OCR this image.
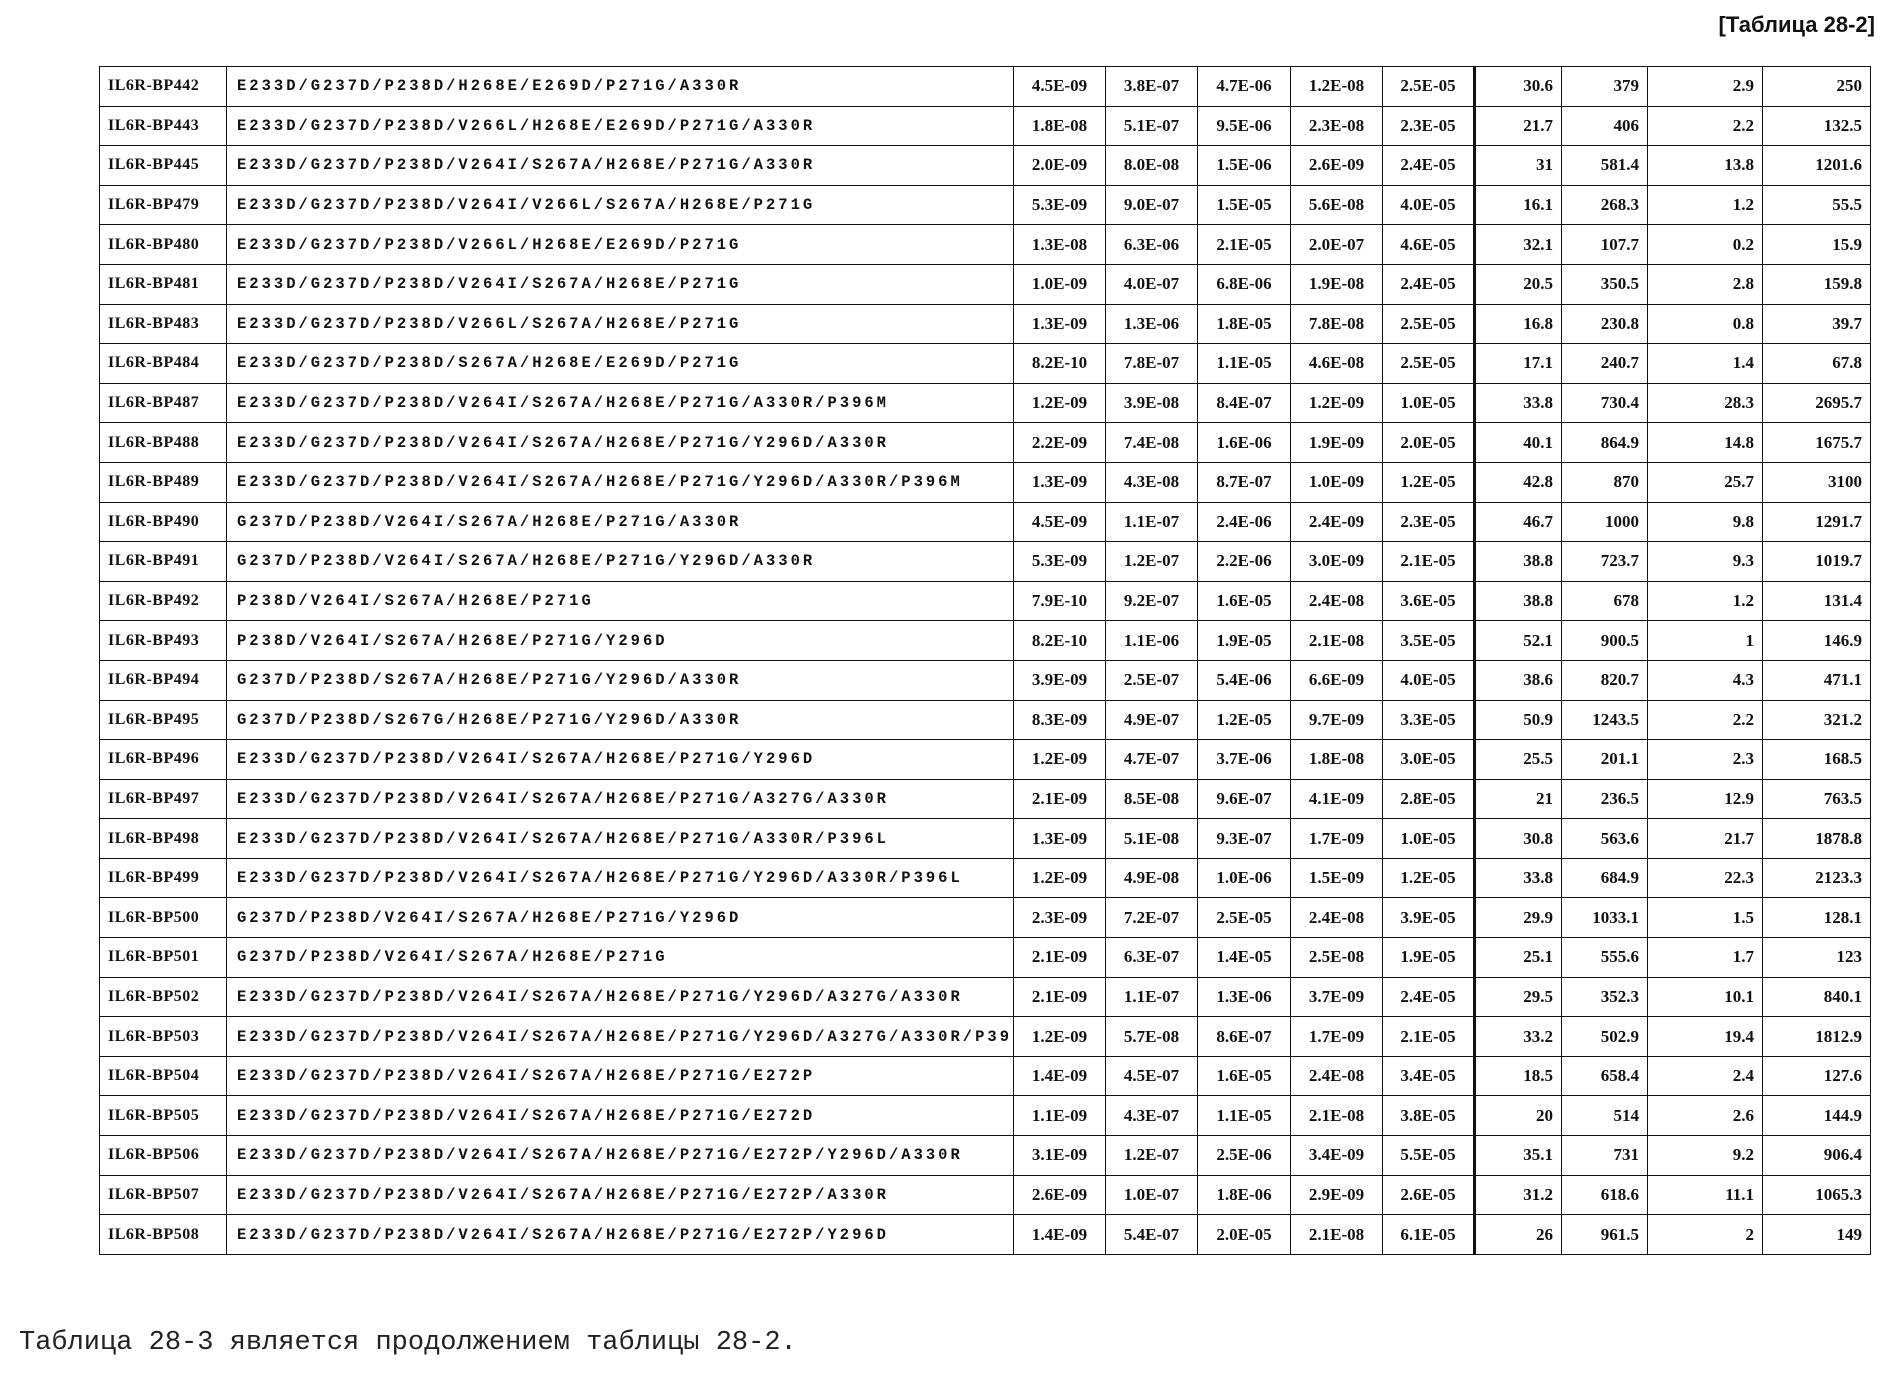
[Таблица 28-2]
IL6R-BP442	E233D/G237D/P238D/H268E/E269D/P271G/A330R	4.5E-09	3.8E-07	4.7E-06	1.2E-08	2.5E-05	30.6	379	2.9	250
IL6R-BP443	E233D/G237D/P238D/V266L/H268E/E269D/P271G/A330R	1.8E-08	5.1E-07	9.5E-06	2.3E-08	2.3E-05	21.7	406	2.2	132.5
IL6R-BP445	E233D/G237D/P238D/V264I/S267A/H268E/P271G/A330R	2.0E-09	8.0E-08	1.5E-06	2.6E-09	2.4E-05	31	581.4	13.8	1201.6
IL6R-BP479	E233D/G237D/P238D/V264I/V266L/S267A/H268E/P271G	5.3E-09	9.0E-07	1.5E-05	5.6E-08	4.0E-05	16.1	268.3	1.2	55.5
IL6R-BP480	E233D/G237D/P238D/V266L/H268E/E269D/P271G	1.3E-08	6.3E-06	2.1E-05	2.0E-07	4.6E-05	32.1	107.7	0.2	15.9
IL6R-BP481	E233D/G237D/P238D/V264I/S267A/H268E/P271G	1.0E-09	4.0E-07	6.8E-06	1.9E-08	2.4E-05	20.5	350.5	2.8	159.8
IL6R-BP483	E233D/G237D/P238D/V266L/S267A/H268E/P271G	1.3E-09	1.3E-06	1.8E-05	7.8E-08	2.5E-05	16.8	230.8	0.8	39.7
IL6R-BP484	E233D/G237D/P238D/S267A/H268E/E269D/P271G	8.2E-10	7.8E-07	1.1E-05	4.6E-08	2.5E-05	17.1	240.7	1.4	67.8
IL6R-BP487	E233D/G237D/P238D/V264I/S267A/H268E/P271G/A330R/P396M	1.2E-09	3.9E-08	8.4E-07	1.2E-09	1.0E-05	33.8	730.4	28.3	2695.7
IL6R-BP488	E233D/G237D/P238D/V264I/S267A/H268E/P271G/Y296D/A330R	2.2E-09	7.4E-08	1.6E-06	1.9E-09	2.0E-05	40.1	864.9	14.8	1675.7
IL6R-BP489	E233D/G237D/P238D/V264I/S267A/H268E/P271G/Y296D/A330R/P396M	1.3E-09	4.3E-08	8.7E-07	1.0E-09	1.2E-05	42.8	870	25.7	3100
IL6R-BP490	G237D/P238D/V264I/S267A/H268E/P271G/A330R	4.5E-09	1.1E-07	2.4E-06	2.4E-09	2.3E-05	46.7	1000	9.8	1291.7
IL6R-BP491	G237D/P238D/V264I/S267A/H268E/P271G/Y296D/A330R	5.3E-09	1.2E-07	2.2E-06	3.0E-09	2.1E-05	38.8	723.7	9.3	1019.7
IL6R-BP492	P238D/V264I/S267A/H268E/P271G	7.9E-10	9.2E-07	1.6E-05	2.4E-08	3.6E-05	38.8	678	1.2	131.4
IL6R-BP493	P238D/V264I/S267A/H268E/P271G/Y296D	8.2E-10	1.1E-06	1.9E-05	2.1E-08	3.5E-05	52.1	900.5	1	146.9
IL6R-BP494	G237D/P238D/S267A/H268E/P271G/Y296D/A330R	3.9E-09	2.5E-07	5.4E-06	6.6E-09	4.0E-05	38.6	820.7	4.3	471.1
IL6R-BP495	G237D/P238D/S267G/H268E/P271G/Y296D/A330R	8.3E-09	4.9E-07	1.2E-05	9.7E-09	3.3E-05	50.9	1243.5	2.2	321.2
IL6R-BP496	E233D/G237D/P238D/V264I/S267A/H268E/P271G/Y296D	1.2E-09	4.7E-07	3.7E-06	1.8E-08	3.0E-05	25.5	201.1	2.3	168.5
IL6R-BP497	E233D/G237D/P238D/V264I/S267A/H268E/P271G/A327G/A330R	2.1E-09	8.5E-08	9.6E-07	4.1E-09	2.8E-05	21	236.5	12.9	763.5
IL6R-BP498	E233D/G237D/P238D/V264I/S267A/H268E/P271G/A330R/P396L	1.3E-09	5.1E-08	9.3E-07	1.7E-09	1.0E-05	30.8	563.6	21.7	1878.8
IL6R-BP499	E233D/G237D/P238D/V264I/S267A/H268E/P271G/Y296D/A330R/P396L	1.2E-09	4.9E-08	1.0E-06	1.5E-09	1.2E-05	33.8	684.9	22.3	2123.3
IL6R-BP500	G237D/P238D/V264I/S267A/H268E/P271G/Y296D	2.3E-09	7.2E-07	2.5E-05	2.4E-08	3.9E-05	29.9	1033.1	1.5	128.1
IL6R-BP501	G237D/P238D/V264I/S267A/H268E/P271G	2.1E-09	6.3E-07	1.4E-05	2.5E-08	1.9E-05	25.1	555.6	1.7	123
IL6R-BP502	E233D/G237D/P238D/V264I/S267A/H268E/P271G/Y296D/A327G/A330R	2.1E-09	1.1E-07	1.3E-06	3.7E-09	2.4E-05	29.5	352.3	10.1	840.1
IL6R-BP503	E233D/G237D/P238D/V264I/S267A/H268E/P271G/Y296D/A327G/A330R/P396M	1.2E-09	5.7E-08	8.6E-07	1.7E-09	2.1E-05	33.2	502.9	19.4	1812.9
IL6R-BP504	E233D/G237D/P238D/V264I/S267A/H268E/P271G/E272P	1.4E-09	4.5E-07	1.6E-05	2.4E-08	3.4E-05	18.5	658.4	2.4	127.6
IL6R-BP505	E233D/G237D/P238D/V264I/S267A/H268E/P271G/E272D	1.1E-09	4.3E-07	1.1E-05	2.1E-08	3.8E-05	20	514	2.6	144.9
IL6R-BP506	E233D/G237D/P238D/V264I/S267A/H268E/P271G/E272P/Y296D/A330R	3.1E-09	1.2E-07	2.5E-06	3.4E-09	5.5E-05	35.1	731	9.2	906.4
IL6R-BP507	E233D/G237D/P238D/V264I/S267A/H268E/P271G/E272P/A330R	2.6E-09	1.0E-07	1.8E-06	2.9E-09	2.6E-05	31.2	618.6	11.1	1065.3
IL6R-BP508	E233D/G237D/P238D/V264I/S267A/H268E/P271G/E272P/Y296D	1.4E-09	5.4E-07	2.0E-05	2.1E-08	6.1E-05	26	961.5	2	149
Таблица 28-3 является продолжением таблицы 28-2.
